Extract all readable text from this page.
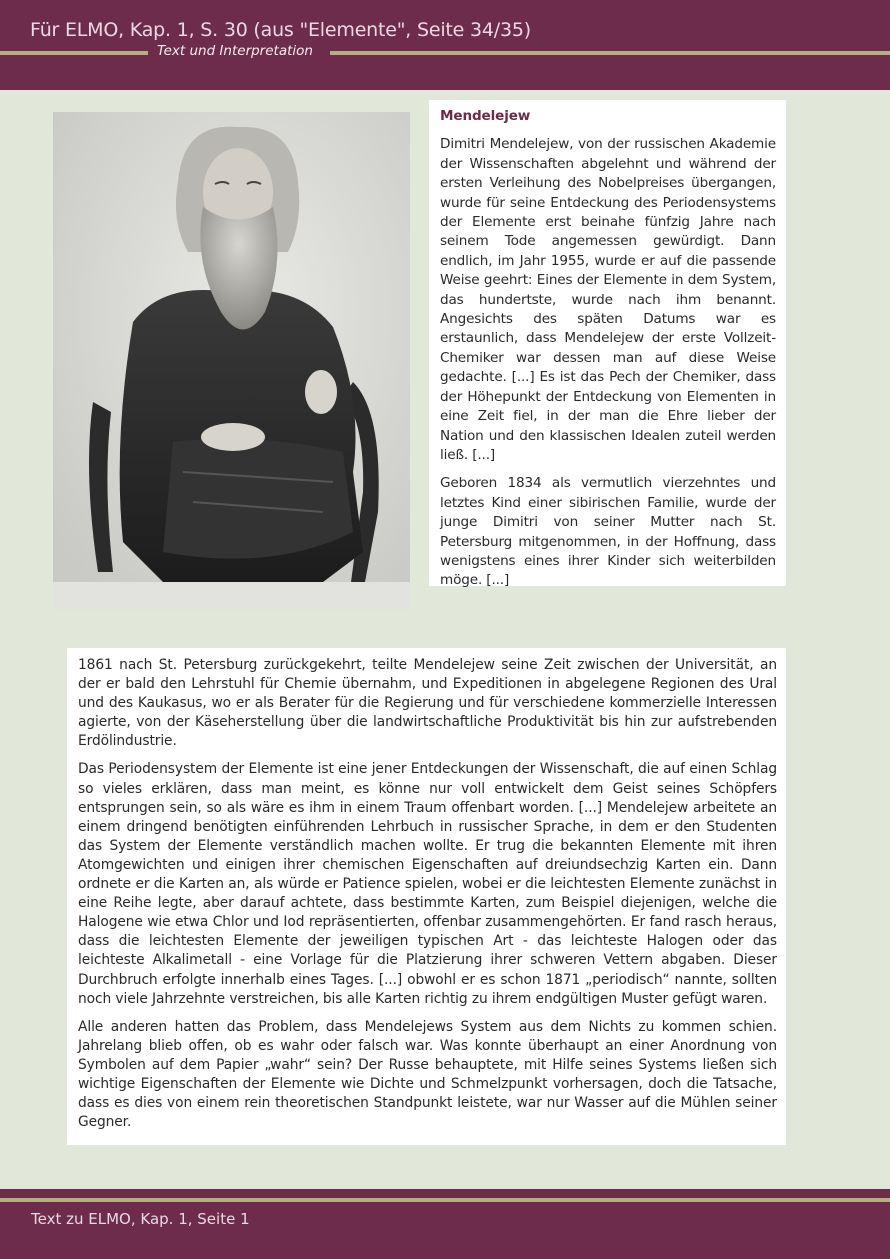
Für ELMO, Kap. 1, S. 30 (aus "Elemente", Seite 34/35)
Text und Interpretation

Mendelejew

Dimitri Mendelejew, von der russischen Akademie der Wissenschaften abgelehnt und während der ersten Verleihung des Nobelpreises übergangen, wurde für seine Entdeckung des Periodensystems der Elemente erst beinahe fünfzig Jahre nach seinem Tode angemessen gewürdigt. Dann endlich, im Jahr 1955, wurde er auf die passende Weise geehrt: Eines der Elemente in dem System, das hundertste, wurde nach ihm benannt. Angesichts des späten Datums war es erstaunlich, dass Mendelejew der erste Vollzeit-Chemiker war dessen man auf diese Weise gedachte. [...] Es ist das Pech der Chemiker, dass der Höhepunkt der Entdeckung von Elementen in eine Zeit fiel, in der man die Ehre lieber der Nation und den klassischen Idealen zuteil werden ließ. [...]

Geboren 1834 als vermutlich vierzehntes und letztes Kind einer sibirischen Familie, wurde der junge Dimitri von seiner Mutter nach St. Petersburg mitgenommen, in der Hoffnung, dass wenigstens eines ihrer Kinder sich weiterbilden möge. [...]

1861 nach St. Petersburg zurückgekehrt, teilte Mendelejew seine Zeit zwischen der Universität, an der er bald den Lehrstuhl für Chemie übernahm, und Expeditionen in abgelegene Regionen des Ural und des Kaukasus, wo er als Berater für die Regierung und für verschiedene kommerzielle Interessen agierte, von der Käseherstellung über die landwirtschaftliche Produktivität bis hin zur aufstrebenden Erdölindustrie.

Das Periodensystem der Elemente ist eine jener Entdeckungen der Wissenschaft, die auf einen Schlag so vieles erklären, dass man meint, es könne nur voll entwickelt dem Geist seines Schöpfers entsprungen sein, so als wäre es ihm in einem Traum offenbart worden. [...] Mendelejew arbeitete an einem dringend benötigten einführenden Lehrbuch in russischer Sprache, in dem er den Studenten das System der Elemente verständlich machen wollte. Er trug die bekannten Elemente mit ihren Atomgewichten und einigen ihrer chemischen Eigenschaften auf dreiundsechzig Karten ein. Dann ordnete er die Karten an, als würde er Patience spielen, wobei er die leichtesten Elemente zunächst in eine Reihe legte, aber darauf achtete, dass bestimmte Karten, zum Beispiel diejenigen, welche die Halogene wie etwa Chlor und Iod repräsentierten, offenbar zusammengehörten. Er fand rasch heraus, dass die leichtesten Elemente der jeweiligen typischen Art - das leichteste Halogen oder das leichteste Alkalimetall - eine Vorlage für die Platzierung ihrer schweren Vettern abgaben. Dieser Durchbruch erfolgte innerhalb eines Tages. [...] obwohl er es schon 1871 „periodisch“ nannte, sollten noch viele Jahrzehnte verstreichen, bis alle Karten richtig zu ihrem endgültigen Muster gefügt waren.

Alle anderen hatten das Problem, dass Mendelejews System aus dem Nichts zu kommen schien. Jahrelang blieb offen, ob es wahr oder falsch war. Was konnte überhaupt an einer Anordnung von Symbolen auf dem Papier „wahr“ sein? Der Russe behauptete, mit Hilfe seines Systems ließen sich wichtige Eigenschaften der Elemente wie Dichte und Schmelzpunkt vorhersagen, doch die Tatsache, dass es dies von einem rein theoretischen Standpunkt leistete, war nur Wasser auf die Mühlen seiner Gegner.

Text zu ELMO, Kap. 1, Seite 1
